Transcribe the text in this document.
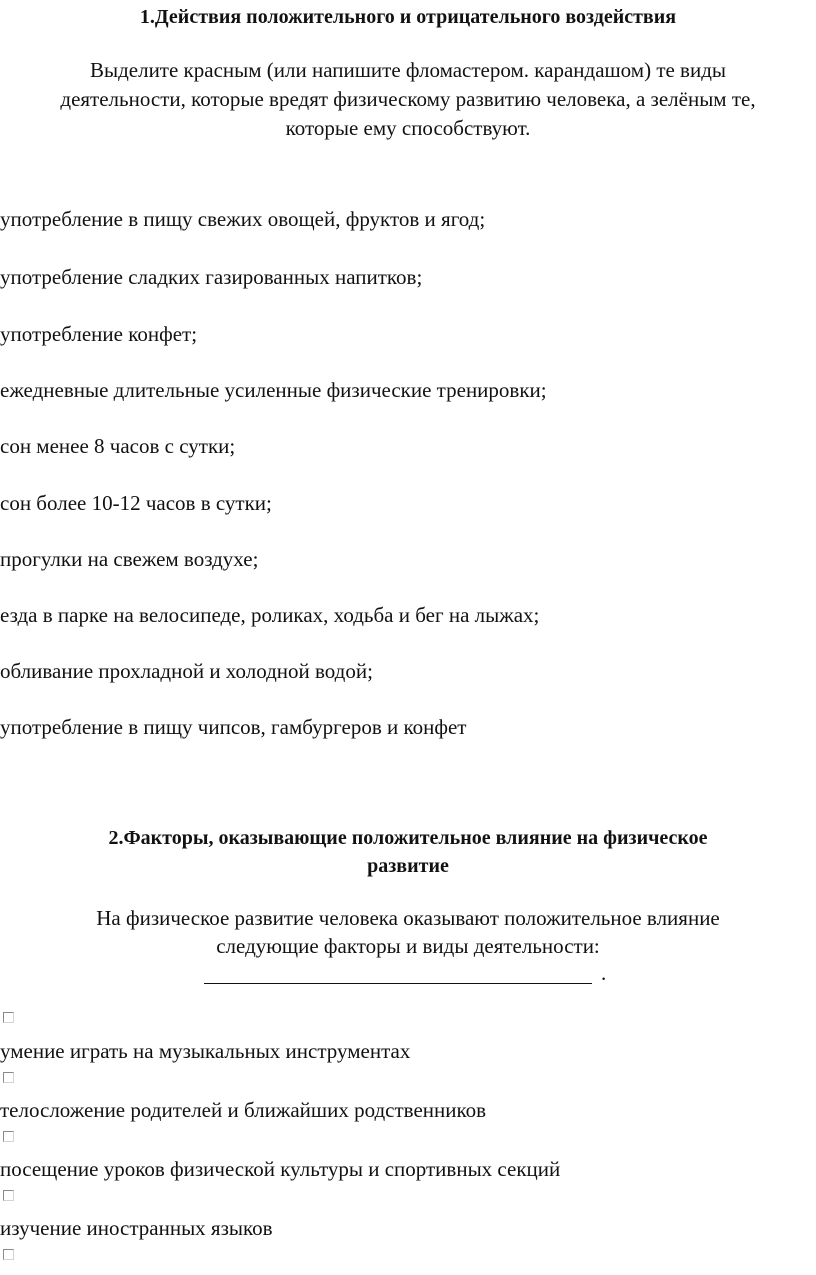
1.Действия положительного и отрицательного воздействия
Выделите красным (или напишите фломастером. карандашом) те виды
деятельности, которые вредят физическому развитию человека, а зелёным те,
которые ему способствуют.
употребление в пищу свежих овощей, фруктов и ягод;
употребление сладких газированных напитков;
употребление конфет;
ежедневные длительные усиленные физические тренировки;
сон менее 8 часов с сутки;
сон более 10-12 часов в сутки;
прогулки на свежем воздухе;
езда в парке на велосипеде, роликах, ходьба и бег на лыжах;
обливание прохладной и холодной водой;
употребление в пищу чипсов, гамбургеров и конфет
2.Факторы, оказывающие положительное влияние на физическое
развитие
На физическое развитие человека оказывают положительное влияние
следующие факторы и виды деятельности:
.
умение играть на музыкальных инструментах
телосложение родителей и ближайших родственников
посещение уроков физической культуры и спортивных секций
изучение иностранных языков
